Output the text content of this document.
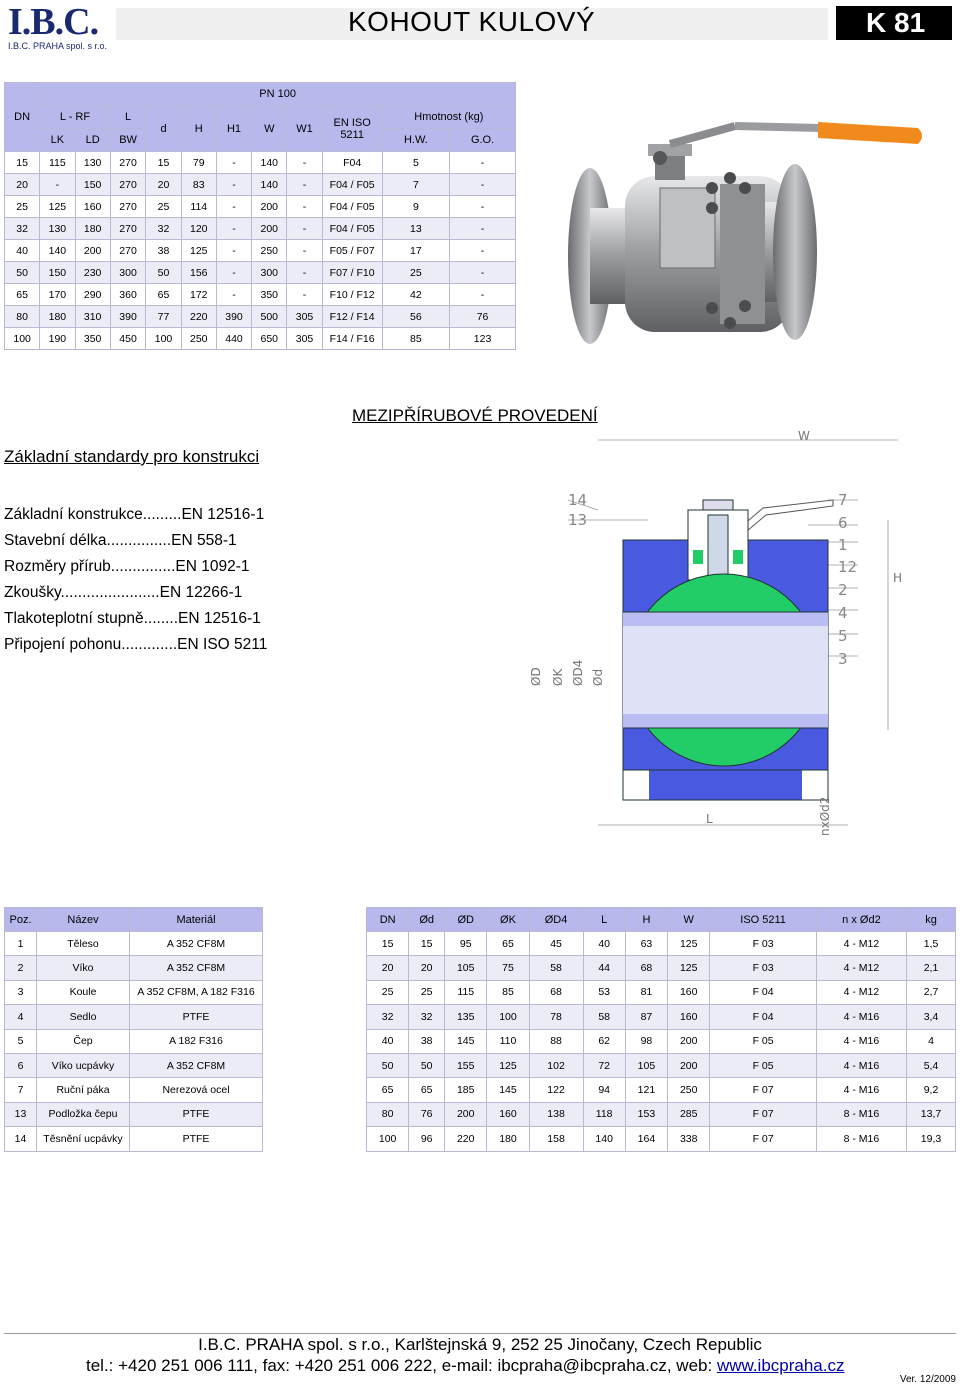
I.B.C.
I.B.C. PRAHA spol. s r.o.
KOHOUT KULOVÝ	K 81
DN	PN 100										
	L - RF		L	d	H	H1	W	W1	EN ISO 5211	Hmotnost (kg)	
	LK	LD	BW							H.W.	G.O.
15	115	130	270	15	79	-	140	-	F04	5	-
20	-	150	270	20	83	-	140	-	F04 / F05	7	-
25	125	160	270	25	114	-	200	-	F04 / F05	9	-
32	130	180	270	32	120	-	200	-	F04 / F05	13	-
40	140	200	270	38	125	-	250	-	F05 / F07	17	-
50	150	230	300	50	156	-	300	-	F07 / F10	25	-
65	170	290	360	65	172	-	350	-	F10 / F12	42	-
80	180	310	390	77	220	390	500	305	F12 / F14	56	76
100	190	350	450	100	250	440	650	305	F14 / F16	85	123
MEZIPŘÍRUBOVÉ PROVEDENÍ
Základní standardy pro konstrukci
Základní konstrukce.........EN 12516-1
Stavební délka...............EN 558-1
Rozměry přírub...............EN 1092-1
Zkoušky.......................EN 12266-1
Tlakoteplotní stupně........EN 12516-1
Připojení pohonu.............EN ISO 5211
W
H
L
ØD ØK ØD4 Ød
nxØd2
14
13
7
6
1
12
2
4
5
3
Poz.	Název	Materiál
1	Těleso	A 352 CF8M
2	Víko	A 352 CF8M
3	Koule	A 352 CF8M, A 182 F316
4	Sedlo	PTFE
5	Čep	A 182 F316
6	Víko ucpávky	A 352 CF8M
7	Ruční páka	Nerezová ocel
13	Podložka čepu	PTFE
14	Těsnění ucpávky	PTFE
DN	Ød	ØD	ØK	ØD4	L	H	W	ISO 5211	n x Ød2	kg
15	15	95	65	45	40	63	125	F 03	4 - M12	1,5
20	20	105	75	58	44	68	125	F 03	4 - M12	2,1
25	25	115	85	68	53	81	160	F 04	4 - M12	2,7
32	32	135	100	78	58	87	160	F 04	4 - M16	3,4
40	38	145	110	88	62	98	200	F 05	4 - M16	4
50	50	155	125	102	72	105	200	F 05	4 - M16	5,4
65	65	185	145	122	94	121	250	F 07	4 - M16	9,2
80	76	200	160	138	118	153	285	F 07	8 - M16	13,7
100	96	220	180	158	140	164	338	F 07	8 - M16	19,3
I.B.C. PRAHA spol. s r.o., Karlštejnská 9, 252 25 Jinočany, Czech Republic
tel.: +420 251 006 111, fax: +420 251 006 222, e-mail: ibcpraha@ibcpraha.cz, web: www.ibcpraha.cz
Ver. 12/2009
